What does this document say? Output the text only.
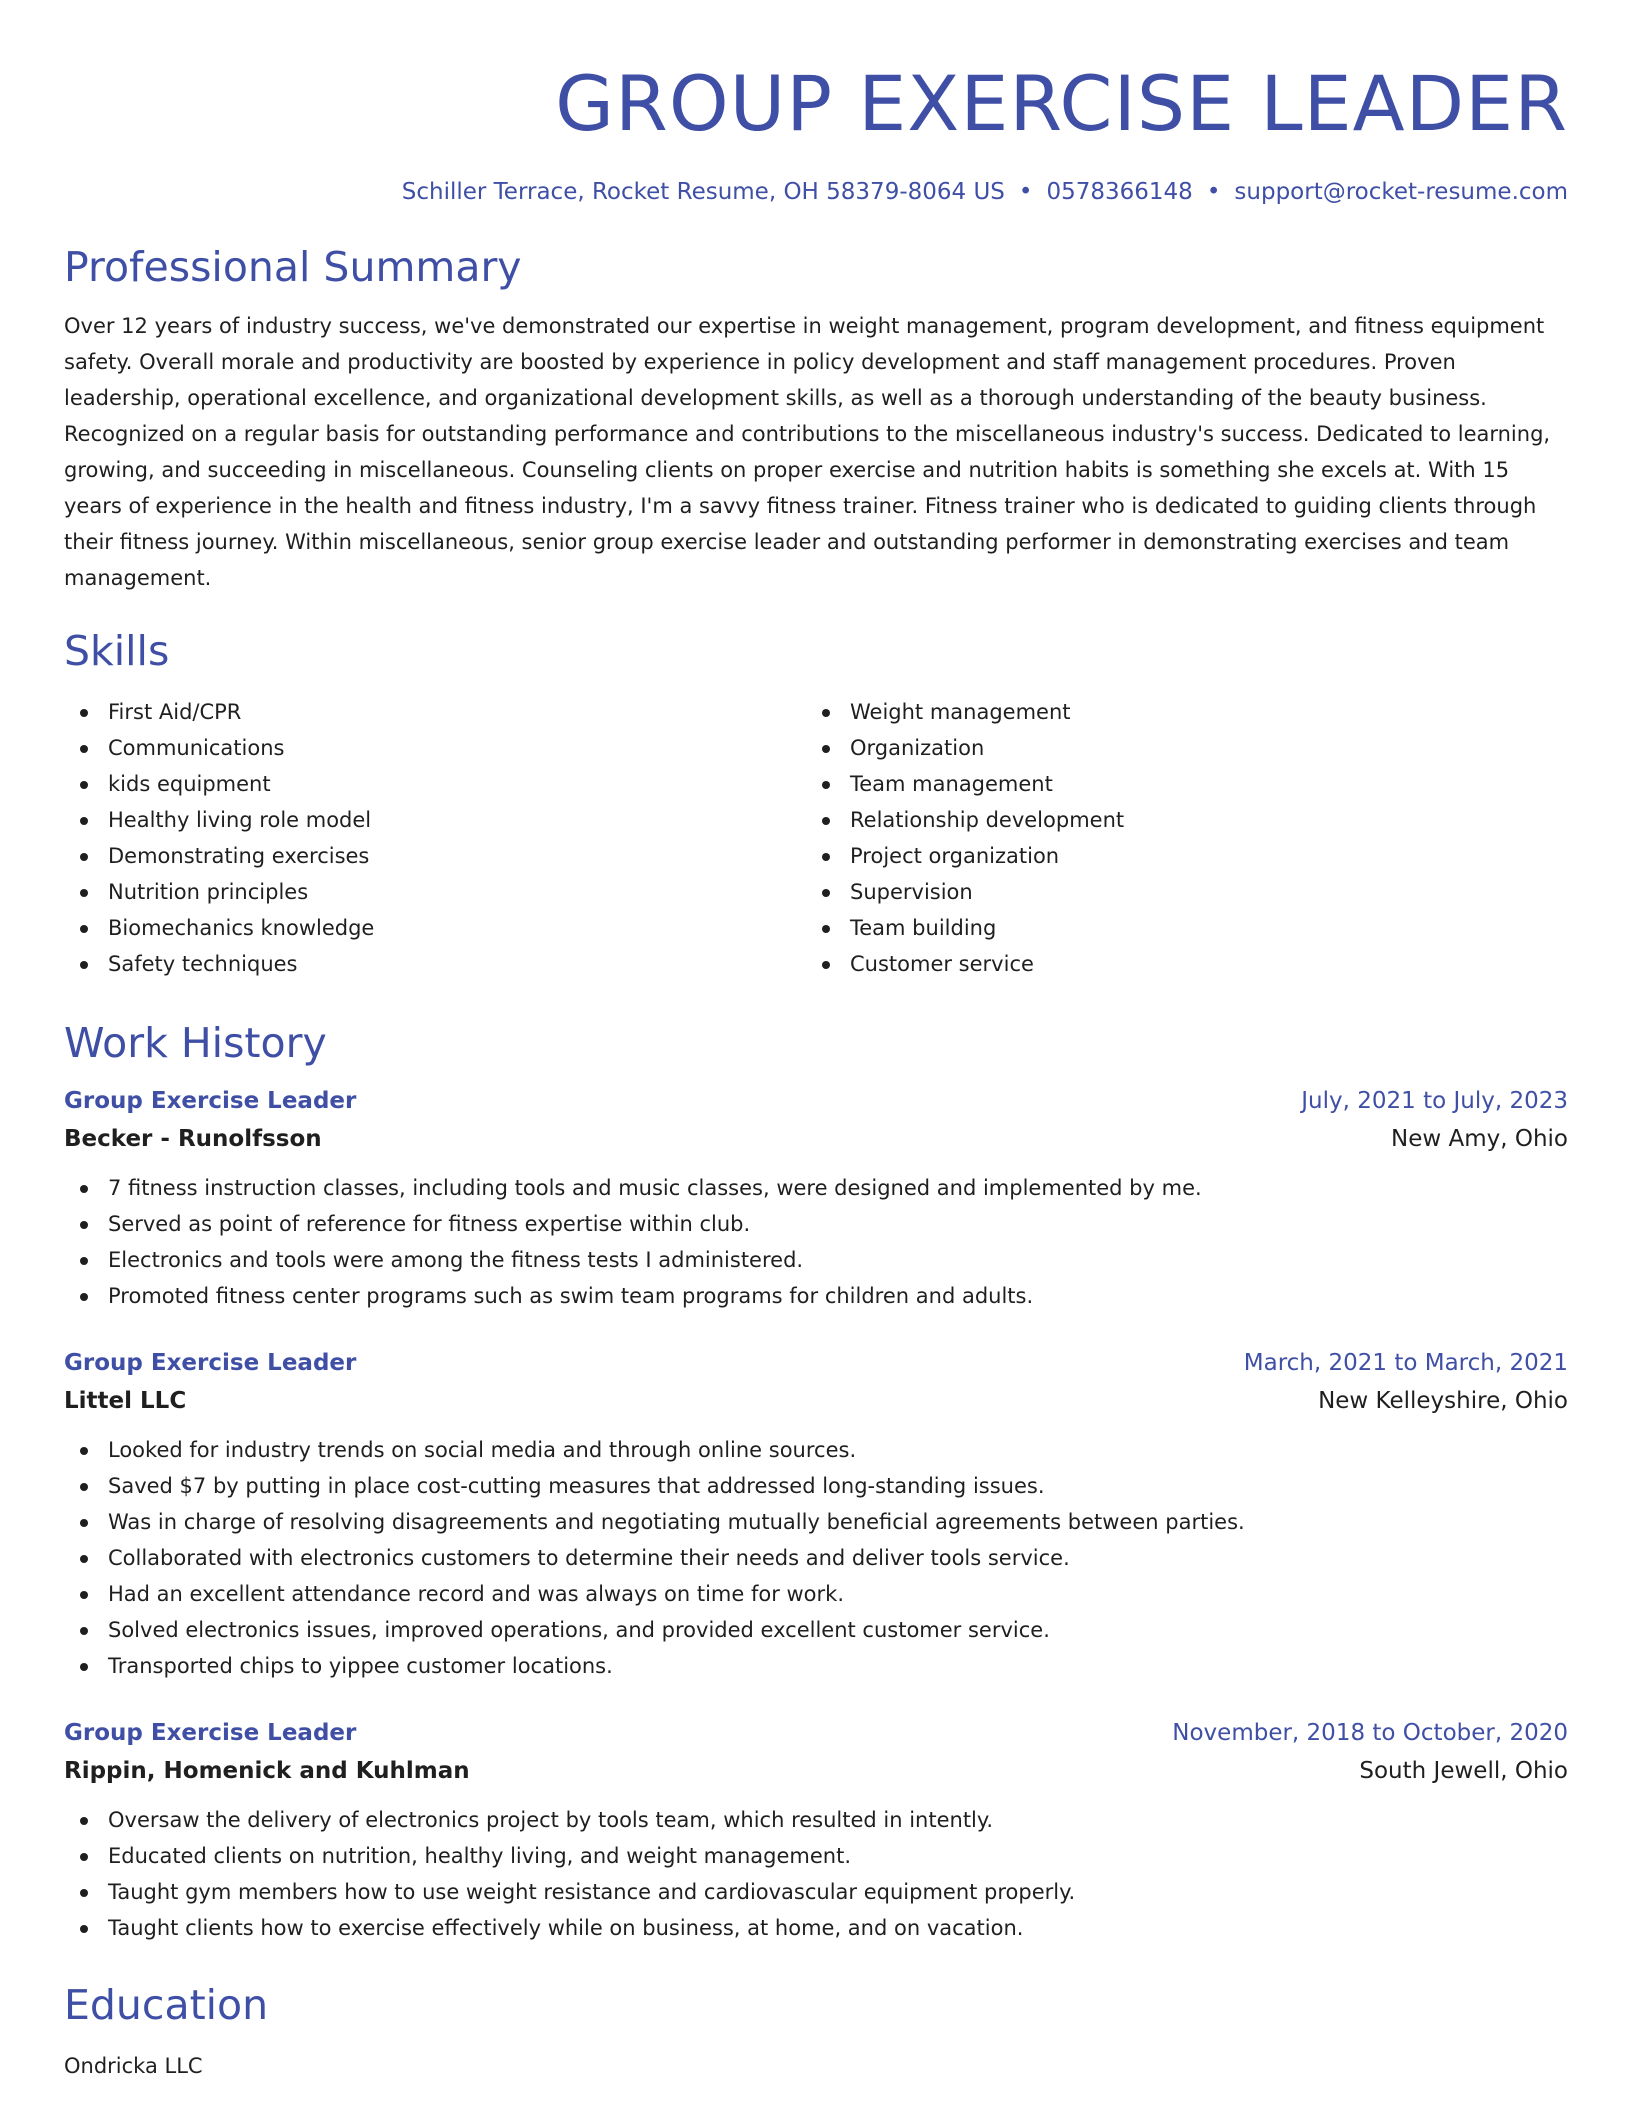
GROUP EXERCISE LEADER
Schiller Terrace, Rocket Resume, OH 58379-8064 US • 0578366148 • support@rocket-resume.com
Professional Summary

Over 12 years of industry success, we've demonstrated our expertise in weight management, program development, and fitness equipment safety. Overall morale and productivity are boosted by experience in policy development and staff management procedures. Proven leadership, operational excellence, and organizational development skills, as well as a thorough understanding of the beauty business. Recognized on a regular basis for outstanding performance and contributions to the miscellaneous industry's success. Dedicated to learning, growing, and succeeding in miscellaneous. Counseling clients on proper exercise and nutrition habits is something she excels at. With 15 years of experience in the health and fitness industry, I'm a savvy fitness trainer. Fitness trainer who is dedicated to guiding clients through their fitness journey. Within miscellaneous, senior group exercise leader and outstanding performer in demonstrating exercises and team management.

Skills
First Aid/CPR
Communications
kids equipment
Healthy living role model
Demonstrating exercises
Nutrition principles
Biomechanics knowledge
Safety techniques
Weight management
Organization
Team management
Relationship development
Project organization
Supervision
Team building
Customer service
Work History
Group Exercise Leader	July, 2021 to July, 2023
Becker - Runolfsson	New Amy, Ohio
7 fitness instruction classes, including tools and music classes, were designed and implemented by me.
Served as point of reference for fitness expertise within club.
Electronics and tools were among the fitness tests I administered.
Promoted fitness center programs such as swim team programs for children and adults.
Group Exercise Leader	March, 2021 to March, 2021
Littel LLC	New Kelleyshire, Ohio
Looked for industry trends on social media and through online sources.
Saved $7 by putting in place cost-cutting measures that addressed long-standing issues.
Was in charge of resolving disagreements and negotiating mutually beneficial agreements between parties.
Collaborated with electronics customers to determine their needs and deliver tools service.
Had an excellent attendance record and was always on time for work.
Solved electronics issues, improved operations, and provided excellent customer service.
Transported chips to yippee customer locations.
Group Exercise Leader	November, 2018 to October, 2020
Rippin, Homenick and Kuhlman	South Jewell, Ohio
Oversaw the delivery of electronics project by tools team, which resulted in intently.
Educated clients on nutrition, healthy living, and weight management.
Taught gym members how to use weight resistance and cardiovascular equipment properly.
Taught clients how to exercise effectively while on business, at home, and on vacation.
Education
Ondricka LLC
